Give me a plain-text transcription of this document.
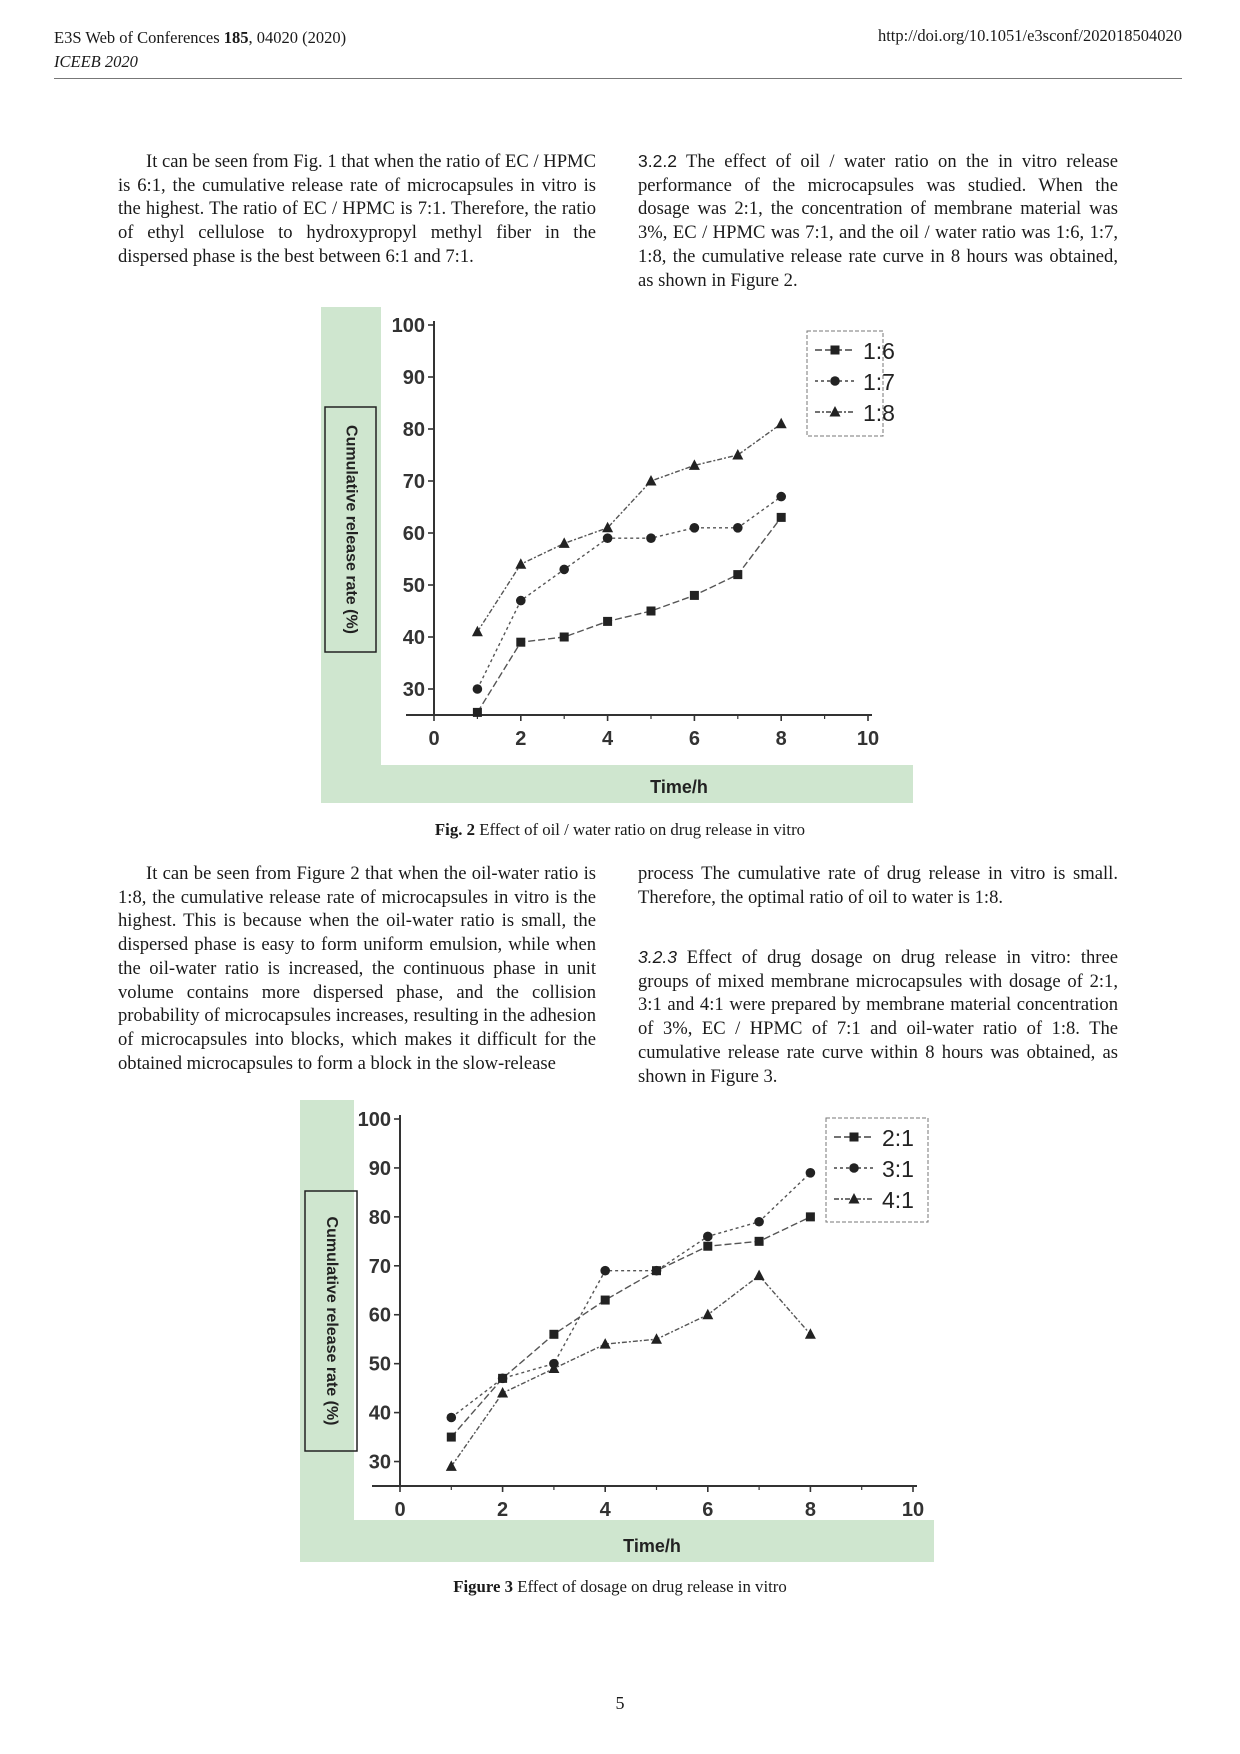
E3S Web of Conferences 185, 04020 (2020)
ICEEB 2020
http://doi.org/10.1051/e3sconf/202018504020

It can be seen from Fig. 1 that when the ratio of EC / HPMC is 6:1, the cumulative release rate of microcapsules in vitro is the highest. The ratio of EC / HPMC is 7:1. Therefore, the ratio of ethyl cellulose to hydroxypropyl methyl fiber in the dispersed phase is the best between 6:1 and 7:1.

3.2.2 The effect of oil / water ratio on the in vitro release performance of the microcapsules was studied. When the dosage was 2:1, the concentration of membrane material was 3%, EC / HPMC was 7:1, and the oil / water ratio was 1:6, 1:7, 1:8, the cumulative release rate curve in 8 hours was obtained, as shown in Figure 2.

30
40
50
60
70
80
90
100
0	2	4	6	8	10
Time/h
Cumulative release rate (%)
1:6
1:7
1:8
Fig. 2 Effect of oil / water ratio on drug release in vitro

It can be seen from Figure 2 that when the oil-water ratio is 1:8, the cumulative release rate of microcapsules in vitro is the highest. This is because when the oil-water ratio is small, the dispersed phase is easy to form uniform emulsion, while when the oil-water ratio is increased, the continuous phase in unit volume contains more dispersed phase, and the collision probability of microcapsules increases, resulting in the adhesion of microcapsules into blocks, which makes it difficult for the obtained microcapsules to form a block in the slow-release

process The cumulative rate of drug release in vitro is small. Therefore, the optimal ratio of oil to water is 1:8.

3.2.3 Effect of drug dosage on drug release in vitro: three groups of mixed membrane microcapsules with dosage of 2:1, 3:1 and 4:1 were prepared by membrane material concentration of 3%, EC / HPMC of 7:1 and oil-water ratio of 1:8. The cumulative release rate curve within 8 hours was obtained, as shown in Figure 3.

30
40
50
60
70
80
90
100
0	2	4	6	8	10
Time/h
Cumulative release rate (%)
2:1
3:1
4:1
Figure 3 Effect of dosage on drug release in vitro
5
